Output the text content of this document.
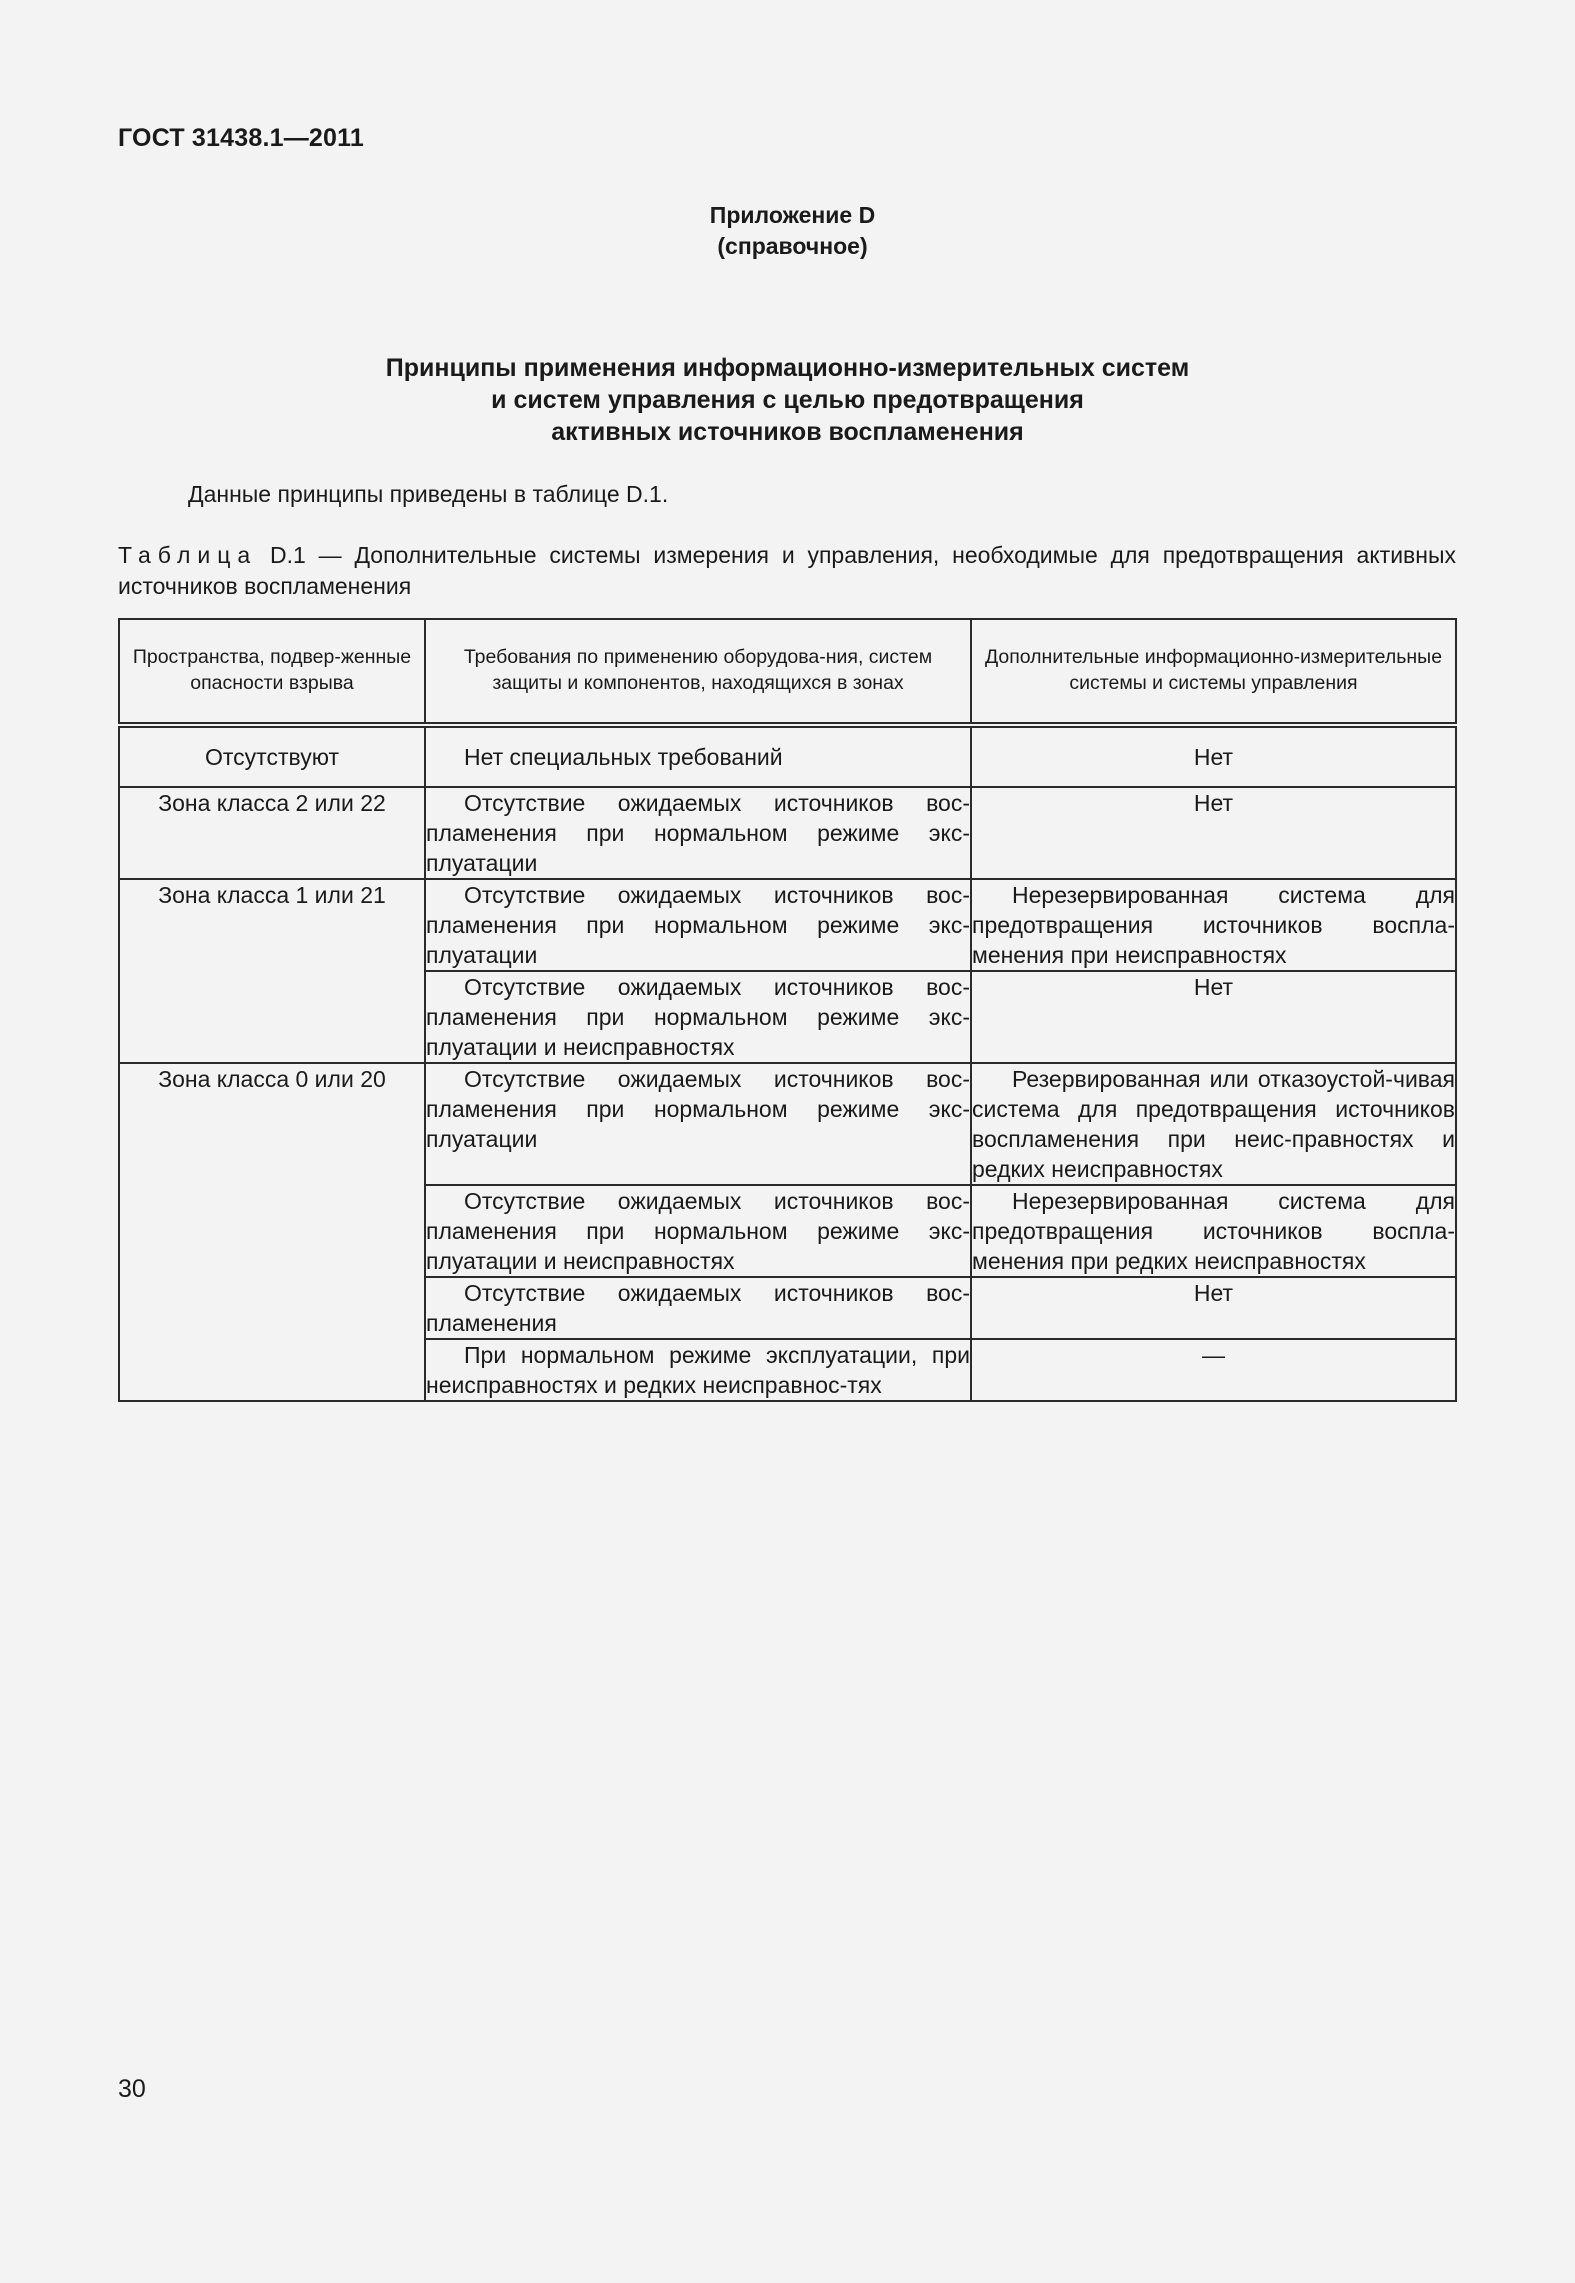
ГОСТ 31438.1—2011
Приложение D
(справочное)
Принципы применения информационно-измерительных систем
и систем управления с целью предотвращения
активных источников воспламенения
Данные принципы приведены в таблице D.1.
Таблица D.1 — Дополнительные системы измерения и управления, необходимые для предотвращения активных источников воспламенения
Пространства, подвер-женные опасности взрыва	Требования по применению оборудова-ния, систем защиты и компонентов, находящихся в зонах	Дополнительные информационно-измерительные системы и системы управления
Отсутствуют	Нет специальных требований	Нет
Зона класса 2 или 22	Отсутствие ожидаемых источников вос-пламенения при нормальном режиме экс-плуатации	Нет
Зона класса 1 или 21	Отсутствие ожидаемых источников вос-пламенения при нормальном режиме экс-плуатации	Нерезервированная система для предотвращения источников воспла-менения при неисправностях
	Отсутствие ожидаемых источников вос-пламенения при нормальном режиме экс-плуатации и неисправностях	Нет
Зона класса 0 или 20	Отсутствие ожидаемых источников вос-пламенения при нормальном режиме экс-плуатации	Резервированная или отказоустой-чивая система для предотвращения источников воспламенения при неис-правностях и редких неисправностях
	Отсутствие ожидаемых источников вос-пламенения при нормальном режиме экс-плуатации и неисправностях	Нерезервированная система для предотвращения источников воспла-менения при редких неисправностях
	Отсутствие ожидаемых источников вос-пламенения	Нет
	При нормальном режиме эксплуатации, при неисправностях и редких неисправнос-тях	—
30
